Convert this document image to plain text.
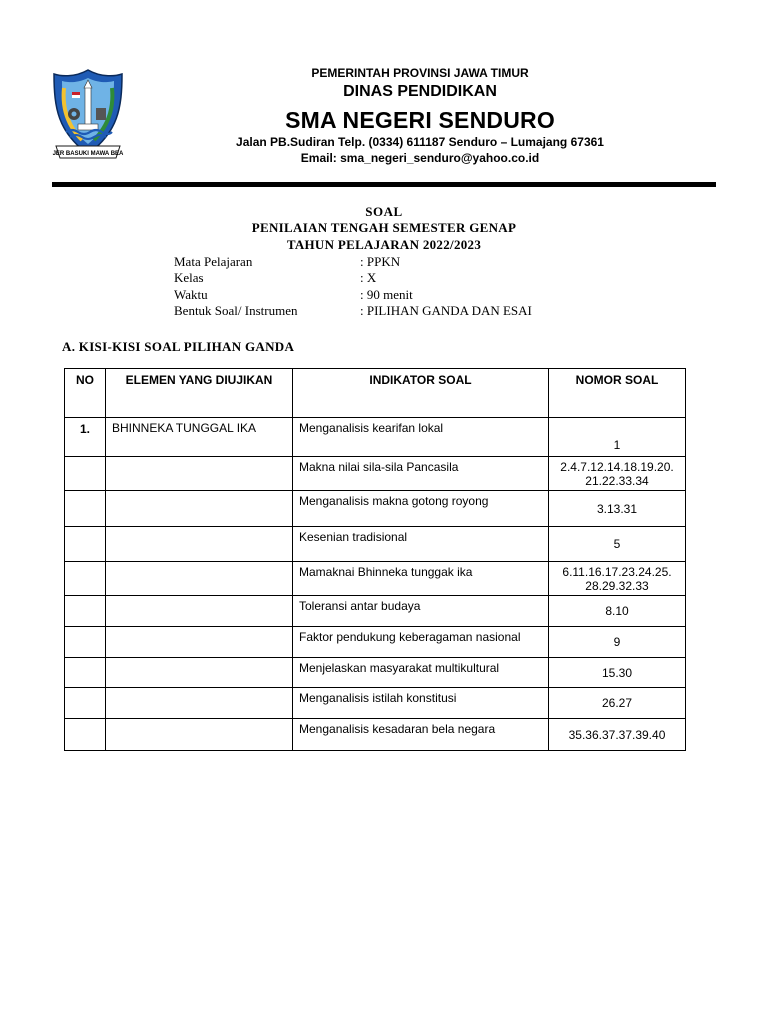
JER BASUKI MAWA BEA
PEMERINTAH PROVINSI JAWA TIMUR
DINAS PENDIDIKAN
SMA NEGERI SENDURO
Jalan PB.Sudiran Telp. (0334) 611187 Senduro – Lumajang 67361
Email: sma_negeri_senduro@yahoo.co.id
SOAL
PENILAIAN TENGAH SEMESTER GENAP
TAHUN PELAJARAN 2022/2023
Mata Pelajaran	: PPKN
Kelas	: X
Waktu	: 90 menit
Bentuk Soal/ Instrumen	: PILIHAN GANDA DAN ESAI
A. KISI-KISI SOAL PILIHAN GANDA
NO	ELEMEN YANG DIUJIKAN	INDIKATOR SOAL	NOMOR SOAL
1.	BHINNEKA TUNGGAL IKA	Menganalisis kearifan lokal	1
		Makna nilai sila-sila Pancasila	2.4.7.12.14.18.19.20.
21.22.33.34
		Menganalisis makna gotong royong	3.13.31
		Kesenian tradisional	5
		Mamaknai Bhinneka tunggak ika	6.11.16.17.23.24.25.
28.29.32.33
		Toleransi antar budaya	8.10
		Faktor pendukung keberagaman nasional	9
		Menjelaskan masyarakat multikultural	15.30
		Menganalisis istilah konstitusi	26.27
		Menganalisis kesadaran bela negara	35.36.37.37.39.40
